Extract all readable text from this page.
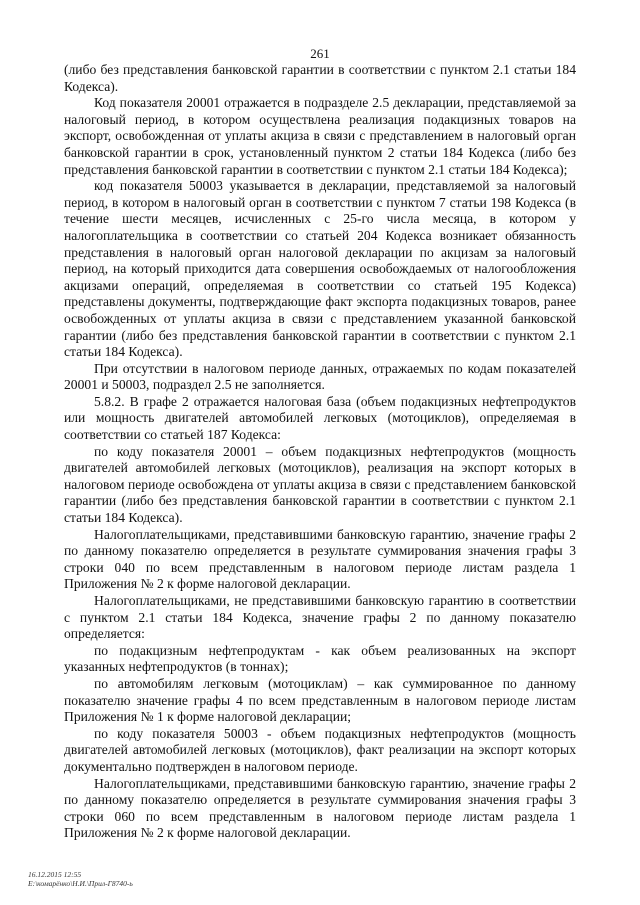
261

(либо без представления банковской гарантии в соответствии с пунктом 2.1 статьи 184 Кодекса).

Код показателя 20001 отражается в подразделе 2.5 декларации, представляемой за налоговый период, в котором осуществлена реализация подакцизных товаров на экспорт, освобожденная от уплаты акциза в связи с представлением в налоговый орган банковской гарантии в срок, установленный пунктом 2 статьи 184 Кодекса (либо без представления банковской гарантии в соответствии с пунктом 2.1 статьи 184 Кодекса);

код показателя 50003 указывается в декларации, представляемой за налоговый период, в котором в налоговый орган в соответствии с пунктом 7 статьи 198 Кодекса (в течение шести месяцев, исчисленных с 25-го числа месяца, в котором у налогоплательщика в соответствии со статьей 204 Кодекса возникает обязанность представления в налоговый орган налоговой декларации по акцизам за налоговый период, на который приходится дата совершения освобождаемых от налогообложения акцизами операций, определяемая в соответствии со статьей 195 Кодекса) представлены документы, подтверждающие факт экспорта подакцизных товаров, ранее освобожденных от уплаты акциза в связи с представлением указанной банковской гарантии (либо без представления банковской гарантии в соответствии с пунктом 2.1 статьи 184 Кодекса).

При отсутствии в налоговом периоде данных, отражаемых по кодам показателей 20001 и 50003, подраздел 2.5 не заполняется.

5.8.2. В графе 2 отражается налоговая база (объем подакцизных нефтепродуктов или мощность двигателей автомобилей легковых (мотоциклов), определяемая в соответствии со статьей 187 Кодекса:

по коду показателя 20001 – объем подакцизных нефтепродуктов (мощность двигателей автомобилей легковых (мотоциклов), реализация на экспорт которых в налоговом периоде освобождена от уплаты акциза в связи с представлением банковской гарантии (либо без представления банковской гарантии в соответствии с пунктом 2.1 статьи 184 Кодекса).

Налогоплательщиками, представившими банковскую гарантию, значение графы 2 по данному показателю определяется в результате суммирования значения графы 3 строки 040 по всем представленным в налоговом периоде листам раздела 1 Приложения № 2 к форме налоговой декларации.

Налогоплательщиками, не представившими банковскую гарантию в соответствии с пунктом 2.1 статьи 184 Кодекса, значение графы 2 по данному показателю определяется:

по подакцизным нефтепродуктам - как объем реализованных на экспорт указанных нефтепродуктов (в тоннах);

по автомобилям легковым (мотоциклам) – как суммированное по данному показателю значение графы 4 по всем представленным в налоговом периоде листам Приложения № 1 к форме налоговой декларации;

по коду показателя 50003 - объем подакцизных нефтепродуктов (мощность двигателей автомобилей легковых (мотоциклов), факт реализации на экспорт которых документально подтвержден в налоговом периоде.

Налогоплательщиками, представившими банковскую гарантию, значение графы 2 по данному показателю определяется в результате суммирования значения графы 3 строки 060 по всем представленным в налоговом периоде листам раздела 1 Приложения № 2 к форме налоговой декларации.

16.12.2015 12:55
E:\комарёнко\Н.И.\Прил-Г8740-ь
